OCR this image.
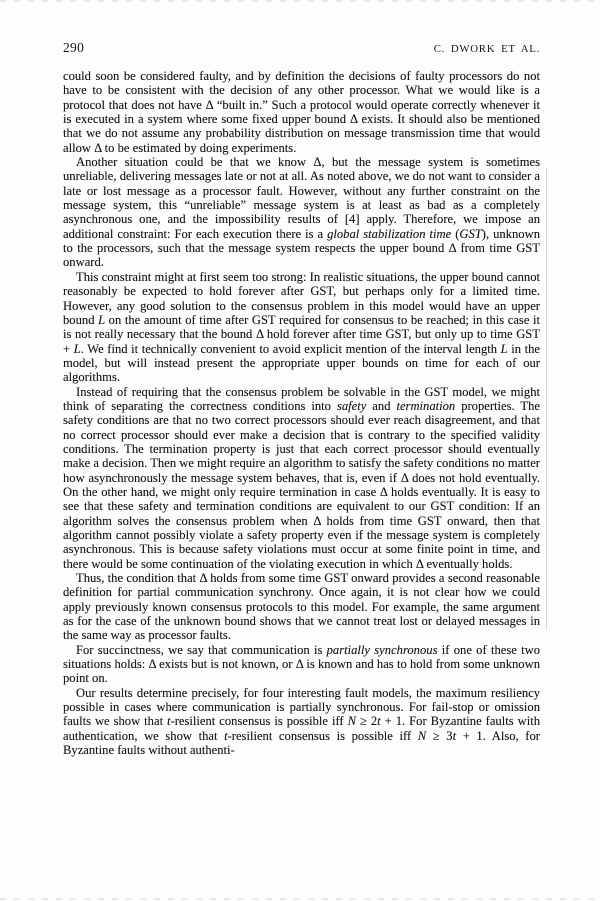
290	C. DWORK ET AL.

could soon be considered faulty, and by definition the decisions of faulty processors do not have to be consistent with the decision of any other processor. What we would like is a protocol that does not have Δ “built in.” Such a protocol would operate correctly whenever it is executed in a system where some fixed upper bound Δ exists. It should also be mentioned that we do not assume any probability distribution on message transmission time that would allow Δ to be estimated by doing experiments.

Another situation could be that we know Δ, but the message system is sometimes unreliable, delivering messages late or not at all. As noted above, we do not want to consider a late or lost message as a processor fault. However, without any further constraint on the message system, this “unreliable” message system is at least as bad as a completely asynchronous one, and the impossibility results of [4] apply. Therefore, we impose an additional constraint: For each execution there is a global stabilization time (GST), unknown to the processors, such that the message system respects the upper bound Δ from time GST onward.

This constraint might at first seem too strong: In realistic situations, the upper bound cannot reasonably be expected to hold forever after GST, but perhaps only for a limited time. However, any good solution to the consensus problem in this model would have an upper bound L on the amount of time after GST required for consensus to be reached; in this case it is not really necessary that the bound Δ hold forever after time GST, but only up to time GST + L. We find it technically convenient to avoid explicit mention of the interval length L in the model, but will instead present the appropriate upper bounds on time for each of our algorithms.

Instead of requiring that the consensus problem be solvable in the GST model, we might think of separating the correctness conditions into safety and termination properties. The safety conditions are that no two correct processors should ever reach disagreement, and that no correct processor should ever make a decision that is contrary to the specified validity conditions. The termination property is just that each correct processor should eventually make a decision. Then we might require an algorithm to satisfy the safety conditions no matter how asynchronously the message system behaves, that is, even if Δ does not hold eventually. On the other hand, we might only require termination in case Δ holds eventually. It is easy to see that these safety and termination conditions are equivalent to our GST condition: If an algorithm solves the consensus problem when Δ holds from time GST onward, then that algorithm cannot possibly violate a safety property even if the message system is completely asynchronous. This is because safety violations must occur at some finite point in time, and there would be some continuation of the violating execution in which Δ eventually holds.

Thus, the condition that Δ holds from some time GST onward provides a second reasonable definition for partial communication synchrony. Once again, it is not clear how we could apply previously known consensus protocols to this model. For example, the same argument as for the case of the unknown bound shows that we cannot treat lost or delayed messages in the same way as processor faults.

For succinctness, we say that communication is partially synchronous if one of these two situations holds: Δ exists but is not known, or Δ is known and has to hold from some unknown point on.

Our results determine precisely, for four interesting fault models, the maximum resiliency possible in cases where communication is partially synchronous. For fail-stop or omission faults we show that t-resilient consensus is possible iff N ≥ 2t + 1. For Byzantine faults with authentication, we show that t-resilient consensus is possible iff N ≥ 3t + 1. Also, for Byzantine faults without authenti-
